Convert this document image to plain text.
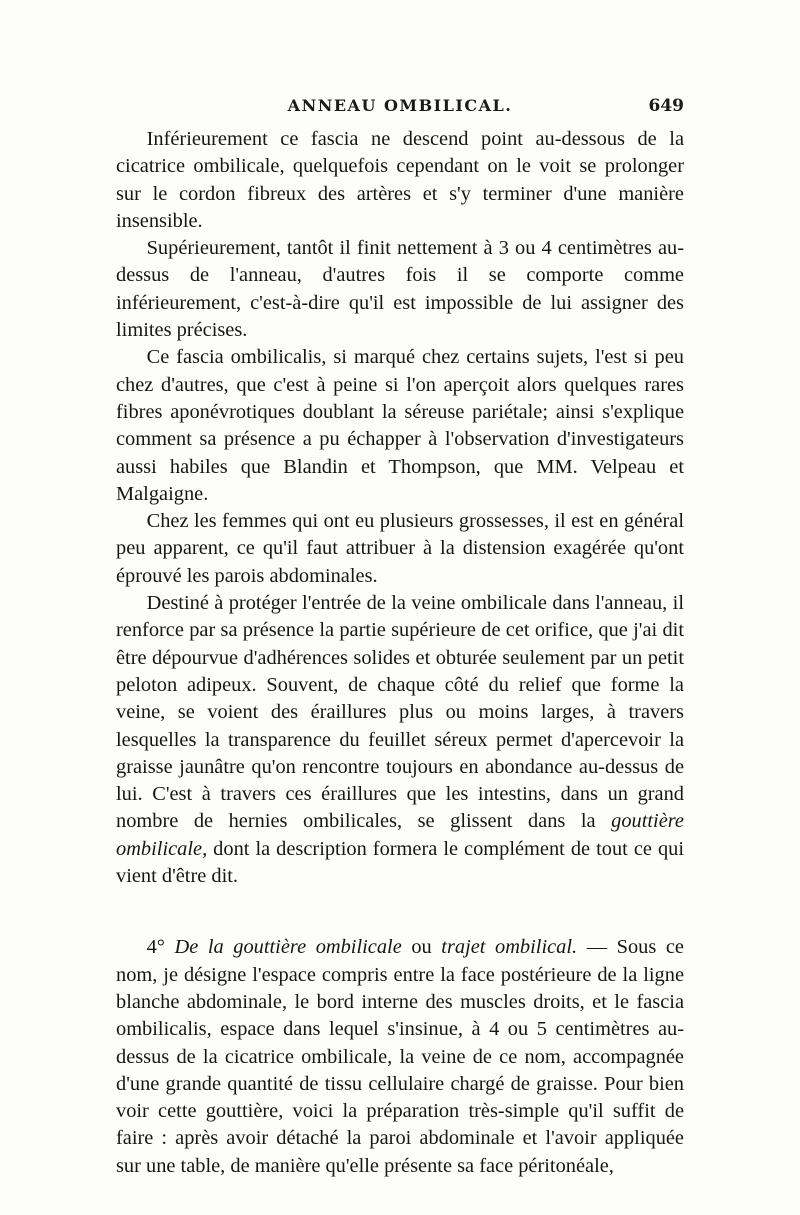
ANNEAU OMBILICAL.	649

Inférieurement ce fascia ne descend point au-dessous de la cicatrice ombilicale, quelquefois cependant on le voit se prolonger sur le cordon fibreux des artères et s'y terminer d'une manière insensible.

Supérieurement, tantôt il finit nettement à 3 ou 4 centimètres au-dessus de l'anneau, d'autres fois il se comporte comme inférieurement, c'est-à-dire qu'il est impossible de lui assigner des limites précises.

Ce fascia ombilicalis, si marqué chez certains sujets, l'est si peu chez d'autres, que c'est à peine si l'on aperçoit alors quelques rares fibres aponévrotiques doublant la séreuse pariétale; ainsi s'explique comment sa présence a pu échapper à l'observation d'investigateurs aussi habiles que Blandin et Thompson, que MM. Velpeau et Malgaigne.

Chez les femmes qui ont eu plusieurs grossesses, il est en général peu apparent, ce qu'il faut attribuer à la distension exagérée qu'ont éprouvé les parois abdominales.

Destiné à protéger l'entrée de la veine ombilicale dans l'anneau, il renforce par sa présence la partie supérieure de cet orifice, que j'ai dit être dépourvue d'adhérences solides et obturée seulement par un petit peloton adipeux. Souvent, de chaque côté du relief que forme la veine, se voient des éraillures plus ou moins larges, à travers lesquelles la transparence du feuillet séreux permet d'apercevoir la graisse jaunâtre qu'on rencontre toujours en abondance au-dessus de lui. C'est à travers ces éraillures que les intestins, dans un grand nombre de hernies ombilicales, se glissent dans la gouttière ombilicale, dont la description formera le complément de tout ce qui vient d'être dit.

4° De la gouttière ombilicale ou trajet ombilical. — Sous ce nom, je désigne l'espace compris entre la face postérieure de la ligne blanche abdominale, le bord interne des muscles droits, et le fascia ombilicalis, espace dans lequel s'insinue, à 4 ou 5 centimètres au-dessus de la cicatrice ombilicale, la veine de ce nom, accompagnée d'une grande quantité de tissu cellulaire chargé de graisse. Pour bien voir cette gouttière, voici la préparation très-simple qu'il suffit de faire : après avoir détaché la paroi abdominale et l'avoir appliquée sur une table, de manière qu'elle présente sa face péritonéale,
